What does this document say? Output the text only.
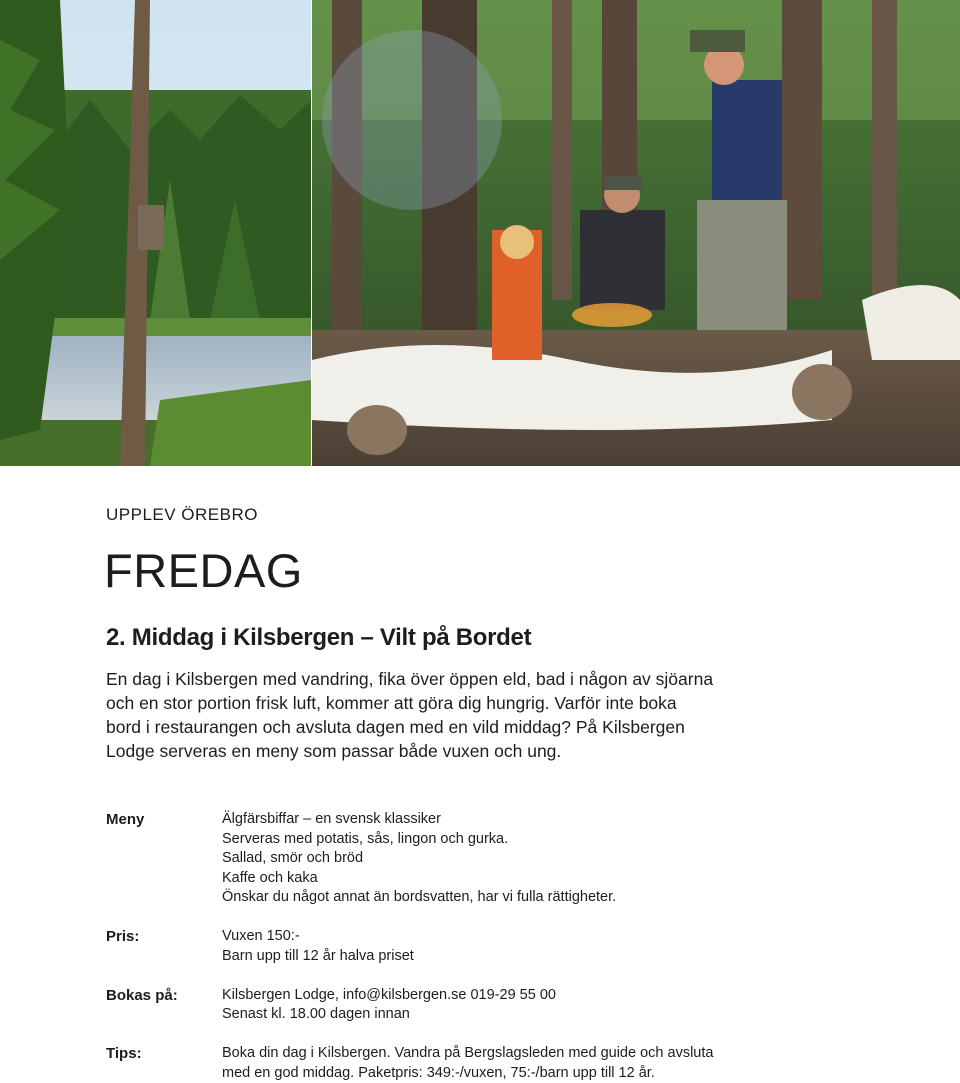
UPPLEV ÖREBRO
FREDAG
2. Middag i Kilsbergen – Vilt på Bordet

En dag i Kilsbergen med vandring, fika över öppen eld, bad i någon av sjöarna och en stor portion frisk luft, kommer att göra dig hungrig. Varför inte boka bord i restaurangen och avsluta dagen med en vild middag? På Kilsbergen Lodge serveras en meny som passar både vuxen och ung.

Meny	Älgfärsbiffar – en svensk klassiker
Serveras med potatis, sås, lingon och gurka.
Sallad, smör och bröd
Kaffe och kaka
Önskar du något annat än bordsvatten, har vi fulla rättigheter.
Pris:	Vuxen 150:-
Barn upp till 12 år halva priset
Bokas på:	Kilsbergen Lodge, info@kilsbergen.se 019-29 55 00
Senast kl. 18.00 dagen innan
Tips:	Boka din dag i Kilsbergen. Vandra på Bergslagsleden med guide och avsluta
med en god middag. Paketpris: 349:-/vuxen, 75:-/barn upp till 12 år.
